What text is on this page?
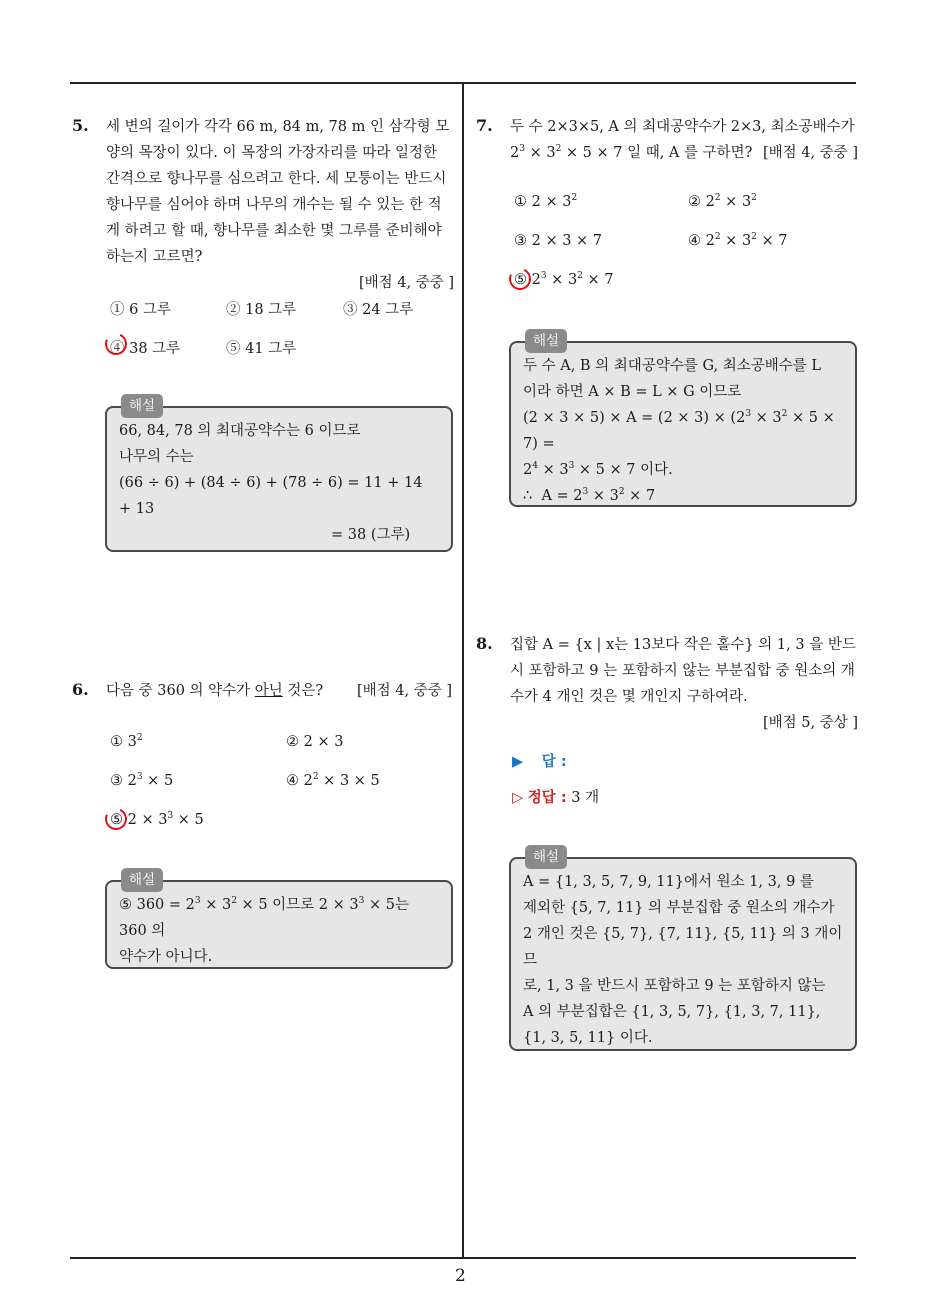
2
5. 세 변의 길이가 각각 66 m, 84 m, 78 m 인 삼각형 모양의 목장이 있다. 이 목장의 가장자리를 따라 일정한 간격으로 향나무를 심으려고 한다. 세 모퉁이는 반드시 향나무를 심어야 하며 나무의 개수는 될 수 있는 한 적게 하려고 할 때, 향나무를 최소한 몇 그루를 준비해야 하는지 고르면?
[배점 4, 중중 ]
① 6 그루	② 18 그루	③ 24 그루
④ 38 그루	⑤ 41 그루
해설
66, 84, 78 의 최대공약수는 6 이므로
나무의 수는
(66 ÷ 6) + (84 ÷ 6) + (78 ÷ 6) = 11 + 14 + 13
= 38 (그루)
6. 다음 중 360 의 약수가 아닌 것은? [배점 4, 중중 ]
① $3^2$	② 2 × 3
③ $2^3 \times 5$	④ $2^2 \times 3 \times 5$
⑤ $2 \times 3^3 \times 5$
해설
⑤ $360 = 2^3 \times 3^2 \times 5$ 이므로 $2 \times 3^3 \times 5$는 360 의
약수가 아니다.
7. 두 수 2×3×5, A 의 최대공약수가 2×3, 최소공배수가
$2^3 \times 3^2 \times 5 \times 7$ 일 때, A 를 구하면? [배점 4, 중중 ]
① $2 \times 3^2$	② $2^2 \times 3^2$
③ 2 × 3 × 7	④ $2^2 \times 3^2 \times 7$
⑤ $2^3 \times 3^2 \times 7$
해설
두 수 A, B 의 최대공약수를 G, 최소공배수를 L
이라 하면 A × B = L × G 이므로
$(2 \times 3 \times 5) \times A = (2 \times 3) \times (2^3 \times 3^2 \times 5 \times 7)$ =
$2^4 \times 3^3 \times 5 \times 7$ 이다.
∴  $A = 2^3 \times 3^2 \times 7$
8. 집합 A = {x | x는 13보다 작은 홀수} 의 1, 3 을 반드시 포함하고 9 는 포함하지 않는 부분집합 중 원소의 개수가 4 개인 것은 몇 개인지 구하여라.
[배점 5, 중상 ]
▶ 답 :
▷ 정답 : 3 개
해설
A = {1, 3, 5, 7, 9, 11}에서 원소 1, 3, 9 를
제외한 {5, 7, 11} 의 부분집합 중 원소의 개수가
2 개인 것은 {5, 7}, {7, 11}, {5, 11} 의 3 개이므
로, 1, 3 을 반드시 포함하고 9 는 포함하지 않는
A 의 부분집합은 {1, 3, 5, 7}, {1, 3, 7, 11},
{1, 3, 5, 11} 이다.
